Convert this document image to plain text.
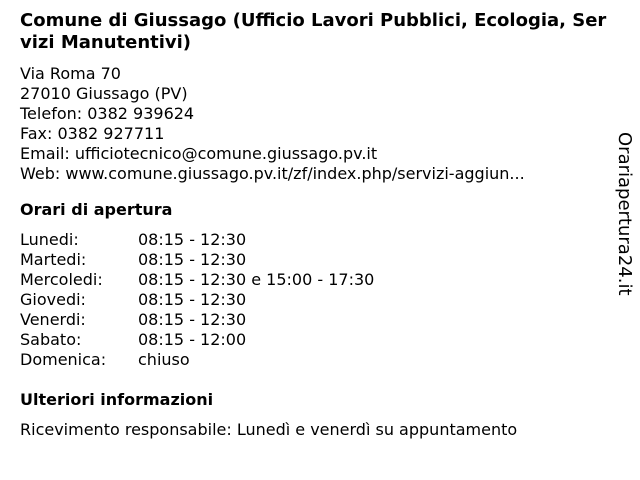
Comune di Giussago (Ufficio Lavori Pubblici, Ecologia, Servizi Manutentivi)
Via Roma 70
27010 Giussago (PV)
Telefon: 0382 939624
Fax: 0382 927711
Email: ufficiotecnico@comune.giussago.pv.it
Web: www.comune.giussago.pv.it/zf/index.php/servizi-aggiun...
Orari di apertura
Lunedi:	08:15 - 12:30
Martedi:	08:15 - 12:30
Mercoledi:	08:15 - 12:30 e 15:00 - 17:30
Giovedi:	08:15 - 12:30
Venerdi:	08:15 - 12:30
Sabato:	08:15 - 12:00
Domenica:	chiuso
Ulteriori informazioni
Ricevimento responsabile: Lunedì e venerdì su appuntamento
Orariaperturа24.it
